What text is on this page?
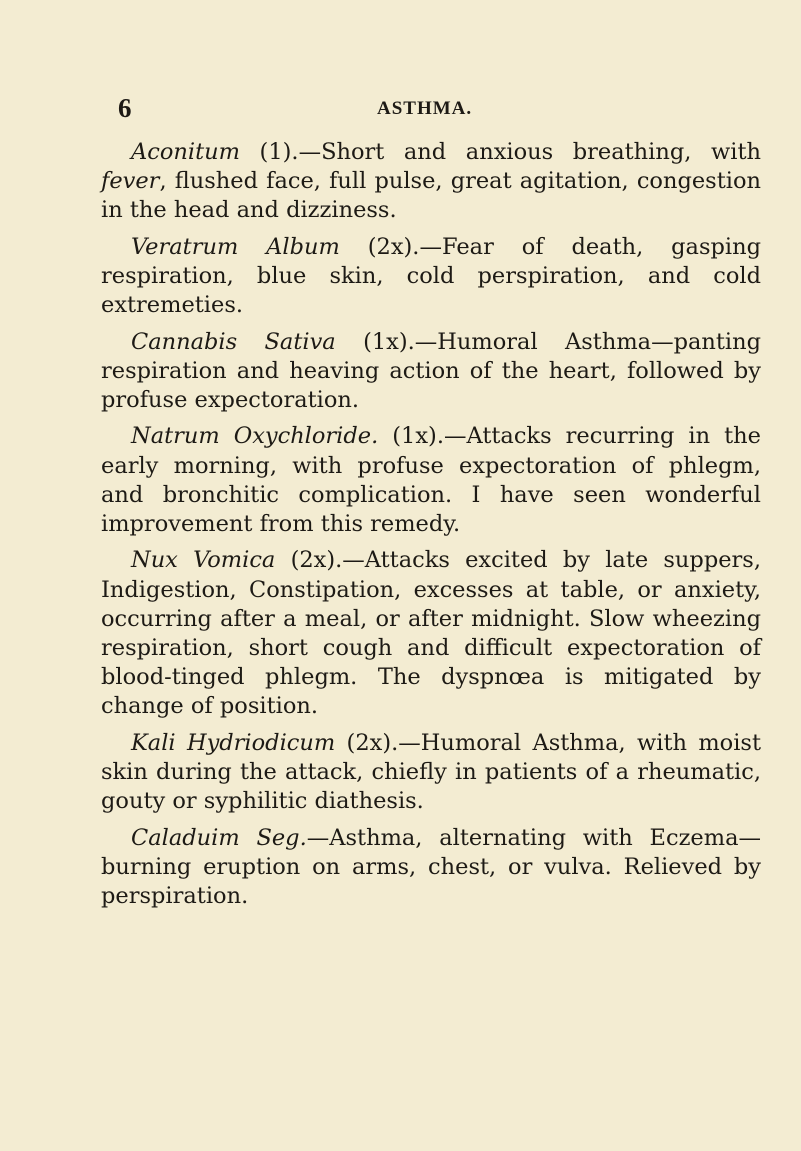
6	ASTHMA.

Aconitum (1).—Short and anxious breathing, with fever, flushed face, full pulse, great agitation, congestion in the head and dizziness.

Veratrum Album (2x).—Fear of death, gasping respiration, blue skin, cold perspiration, and cold extremeties.

Cannabis Sativa (1x).—Humoral Asthma—panting respiration and heaving action of the heart, followed by profuse expectoration.

Natrum Oxychloride. (1x).—Attacks recurring in the early morning, with profuse expectoration of phlegm, and bronchitic complication. I have seen wonderful improvement from this remedy.

Nux Vomica (2x).—Attacks excited by late suppers, Indigestion, Constipation, excesses at table, or anxiety, occurring after a meal, or after midnight. Slow wheezing respiration, short cough and difficult expectoration of blood-tinged phlegm. The dyspnœa is mitigated by change of position.

Kali Hydriodicum (2x).—Humoral Asthma, with moist skin during the attack, chiefly in patients of a rheumatic, gouty or syphilitic diathesis.

Caladuim Seg.—Asthma, alternating with Eczema—burning eruption on arms, chest, or vulva. Relieved by perspiration.
